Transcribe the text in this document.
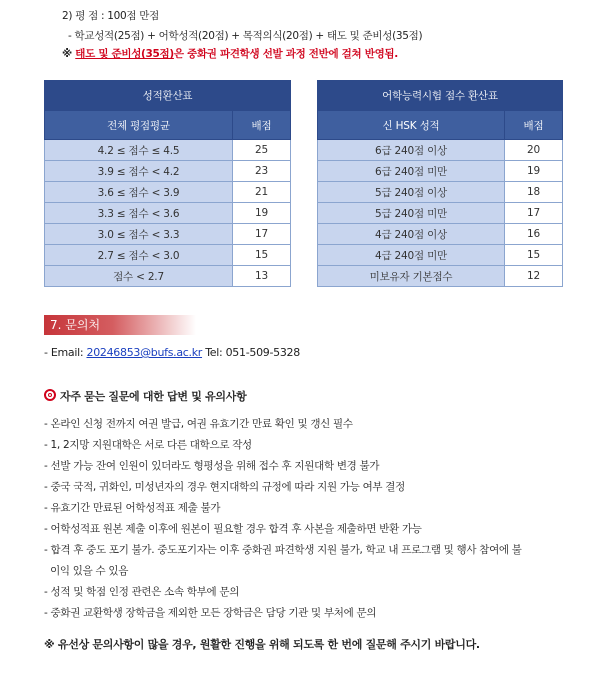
2) 평 점 : 100점 만점
- 학교성적(25점) + 어학성적(20점) + 목적의식(20점) + 태도 및 준비성(35점)
※ 태도 및 준비성(35점)은 중화권 파견학생 선발 과정 전반에 걸쳐 반영됨.
성적환산표	
전체 평점평균	배점
4.2 ≤ 점수 ≤ 4.5	25
3.9 ≤ 점수 < 4.2	23
3.6 ≤ 점수 < 3.9	21
3.3 ≤ 점수 < 3.6	19
3.0 ≤ 점수 < 3.3	17
2.7 ≤ 점수 < 3.0	15
점수 < 2.7	13
어학능력시험 점수 환산표	
신 HSK 성적	배점
6급 240점 이상	20
6급 240점 미만	19
5급 240점 이상	18
5급 240점 미만	17
4급 240점 이상	16
4급 240점 미만	15
미보유자 기본점수	12
7. 문의처
- Email: 20246853@bufs.ac.kr Tel: 051-509-5328
자주 묻는 질문에 대한 답변 및 유의사항
- 온라인 신청 전까지 여권 발급, 여권 유효기간 만료 확인 및 갱신 필수
- 1, 2지망 지원대학은 서로 다른 대학으로 작성
- 선발 가능 잔여 인원이 있더라도 형평성을 위해 접수 후 지원대학 변경 불가
- 중국 국적, 귀화인, 미성년자의 경우 현지대학의 규정에 따라 지원 가능 여부 결정
- 유효기간 만료된 어학성적표 제출 불가
- 어학성적표 원본 제출 이후에 원본이 필요할 경우 합격 후 사본을 제출하면 반환 가능
- 합격 후 중도 포기 불가. 중도포기자는 이후 중화권 파견학생 지원 불가, 학교 내 프로그램 및 행사 참여에 불
이익 있을 수 있음
- 성적 및 학점 인정 관련은 소속 학부에 문의
- 중화권 교환학생 장학금을 제외한 모든 장학금은 담당 기관 및 부처에 문의
※ 유선상 문의사항이 많을 경우, 원활한 진행을 위해 되도록 한 번에 질문해 주시기 바랍니다.
